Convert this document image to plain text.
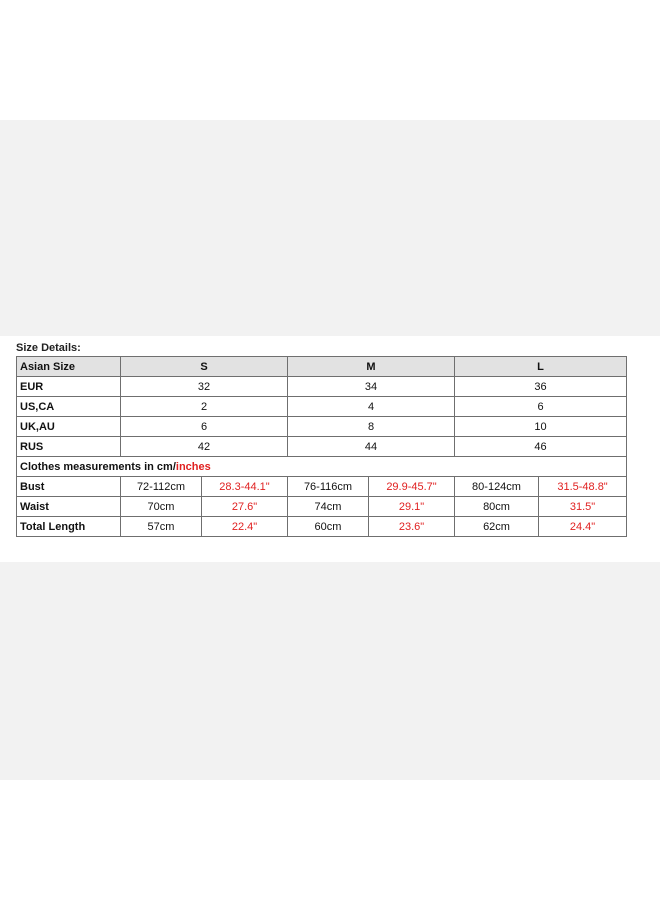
Size Details:
Asian Size	S		M		L	
EUR	32		34		36	
US,CA	2		4		6	
UK,AU	6		8		10	
RUS	42		44		46	
Clothes measurements in cm/inches						
Bust	72-112cm	28.3-44.1"	76-116cm	29.9-45.7"	80-124cm	31.5-48.8"
Waist	70cm	27.6"	74cm	29.1"	80cm	31.5"
Total Length	57cm	22.4"	60cm	23.6"	62cm	24.4"
